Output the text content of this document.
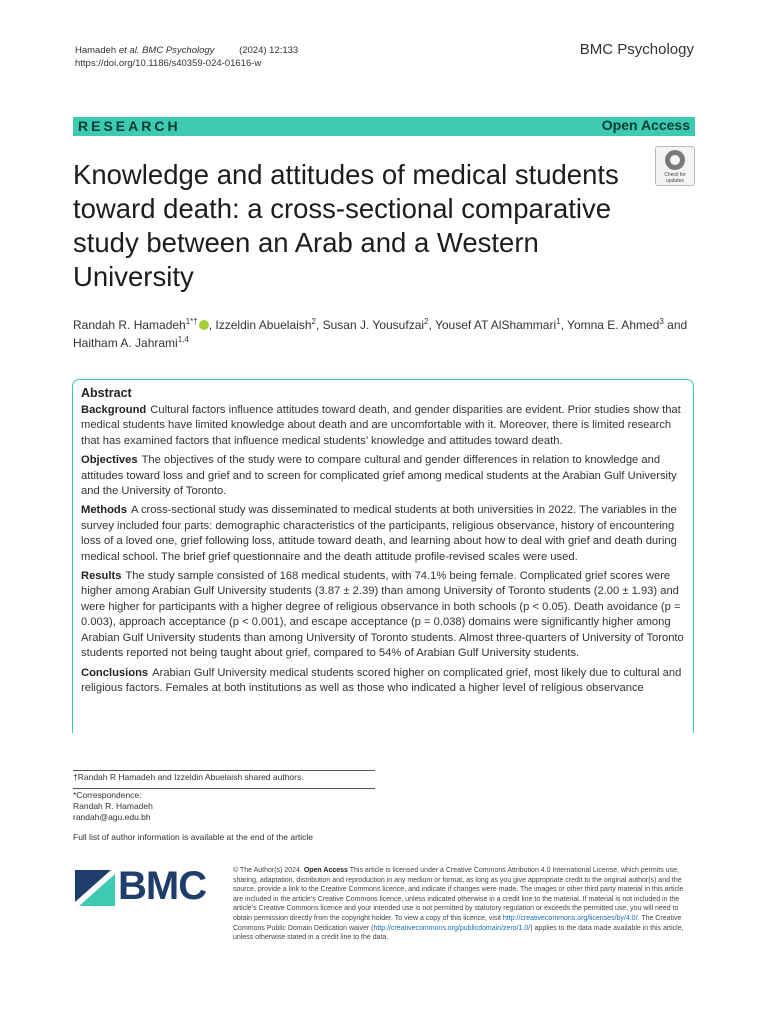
Hamadeh et al. BMC Psychology	(2024) 12:133
https://doi.org/10.1186/s40359-024-01616-w
BMC Psychology
RESEARCH	Open Access
Knowledge and attitudes of medical students toward death: a cross-sectional comparative study between an Arab and a Western University
Check for updates
Randah R. Hamadeh$^{1*\dagger}$ , Izzeldin Abuelaish$^2$, Susan J. Yousufzai$^2$, Yousef AT AlShammari$^1$, Yomna E. Ahmed$^3$ and
Haitham A. Jahrami$^{1,4}$
Abstract

Background Cultural factors influence attitudes toward death, and gender disparities are evident. Prior studies show that medical students have limited knowledge about death and are uncomfortable with it. Moreover, there is limited research that has examined factors that influence medical students’ knowledge and attitudes toward death.

Objectives The objectives of the study were to compare cultural and gender differences in relation to knowledge and attitudes toward loss and grief and to screen for complicated grief among medical students at the Arabian Gulf University and the University of Toronto.

Methods A cross-sectional study was disseminated to medical students at both universities in 2022. The variables in the survey included four parts: demographic characteristics of the participants, religious observance, history of encountering loss of a loved one, grief following loss, attitude toward death, and learning about how to deal with grief and death during medical school. The brief grief questionnaire and the death attitude profile-revised scales were used.

Results The study sample consisted of 168 medical students, with 74.1% being female. Complicated grief scores were higher among Arabian Gulf University students (3.87 ± 2.39) than among University of Toronto students (2.00 ± 1.93) and were higher for participants with a higher degree of religious observance in both schools (p < 0.05). Death avoidance (p = 0.003), approach acceptance (p < 0.001), and escape acceptance (p = 0.038) domains were significantly higher among Arabian Gulf University students than among University of Toronto students. Almost three-quarters of University of Toronto students reported not being taught about grief, compared to 54% of Arabian Gulf University students.

Conclusions Arabian Gulf University medical students scored higher on complicated grief, most likely due to cultural and religious factors. Females at both institutions as well as those who indicated a higher level of religious observance

†Randah R Hamadeh and Izzeldin Abuelaish shared authors.
*Correspondence:
Randah R. Hamadeh
randah@agu.edu.bh
Full list of author information is available at the end of the article
BMC	© The Author(s) 2024. Open Access This article is licensed under a Creative Commons Attribution 4.0 International License, which permits use, sharing, adaptation, distribution and reproduction in any medium or format, as long as you give appropriate credit to the original author(s) and the source, provide a link to the Creative Commons licence, and indicate if changes were made. The images or other third party material in this article are included in the article’s Creative Commons licence, unless indicated otherwise in a credit line to the material. If material is not included in the article’s Creative Commons licence and your intended use is not permitted by statutory regulation or exceeds the permitted use, you will need to obtain permission directly from the copyright holder. To view a copy of this licence, visit http://creativecommons.org/licenses/by/4.0/. The Creative Commons Public Domain Dedication waiver (http://creativecommons.org/publicdomain/zero/1.0/) applies to the data made available in this article, unless otherwise stated in a credit line to the data.
